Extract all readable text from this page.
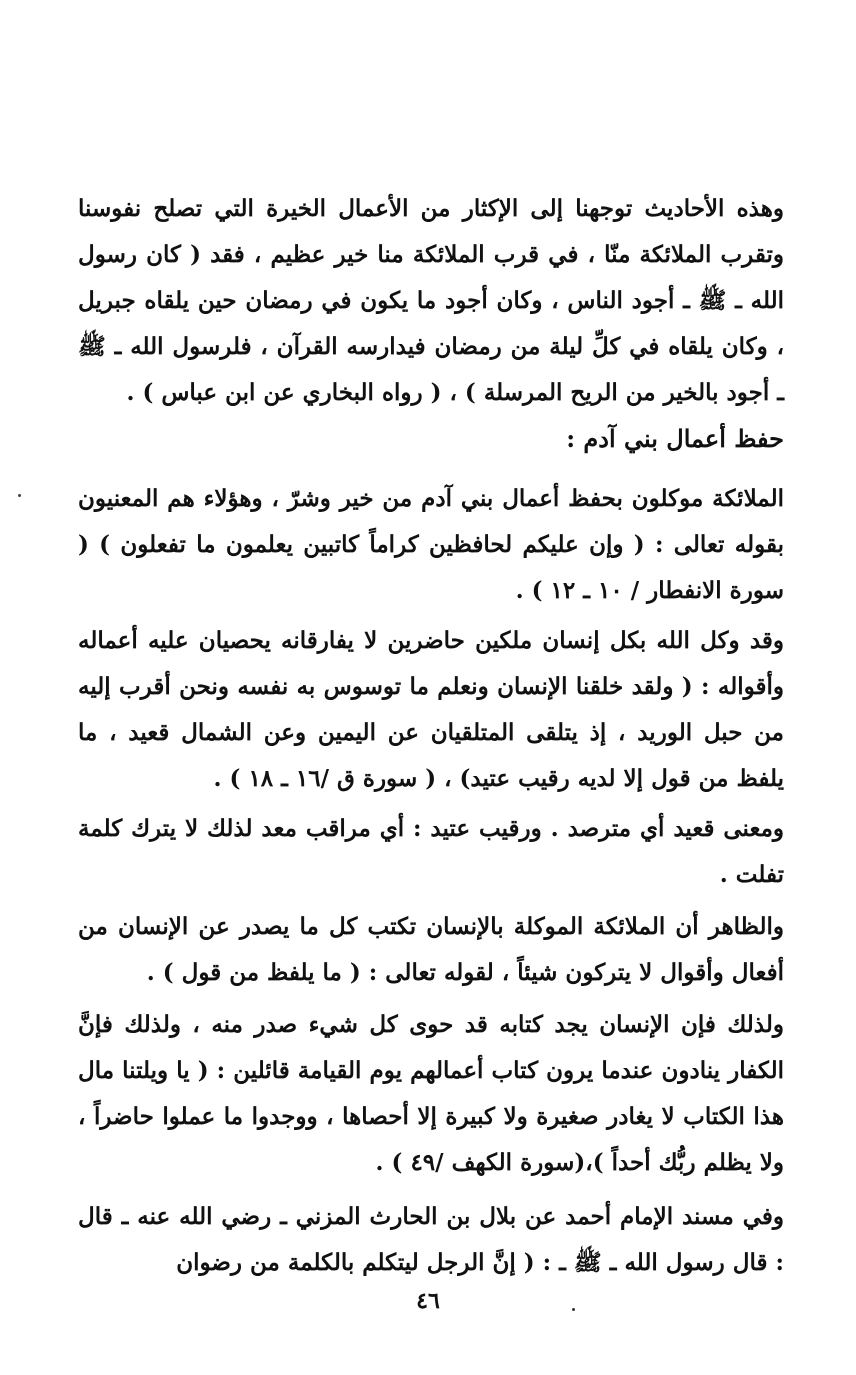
وهذه الأحاديث توجهنا إلى الإكثار من الأعمال الخيرة التي تصلح نفوسنا وتقرب الملائكة منّا ، في قرب الملائكة منا خير عظيم ، فقد ( كان رسول الله ـ ﷺ ـ أجود الناس ، وكان أجود ما يكون في رمضان حين يلقاه جبريل ، وكان يلقاه في كلِّ ليلة من رمضان فيدارسه القرآن ، فلرسول الله ـ ﷺ ـ أجود بالخير من الريح المرسلة ) ، ( رواه البخاري عن ابن عباس ) .

حفظ أعمال بني آدم :

الملائكة موكلون بحفظ أعمال بني آدم من خير وشرّ ، وهؤلاء هم المعنيون بقوله تعالى : ( وإن عليكم لحافظين كراماً كاتبين يعلمون ما تفعلون ) ( سورة الانفطار / ١٠ ـ ١٢ ) .

وقد وكل الله بكل إنسان ملكين حاضرين لا يفارقانه يحصيان عليه أعماله وأقواله : ( ولقد خلقنا الإنسان ونعلم ما توسوس به نفسه ونحن أقرب إليه من حبل الوريد ، إذ يتلقى المتلقيان عن اليمين وعن الشمال قعيد ، ما يلفظ من قول إلا لديه رقيب عتيد) ، ( سورة ق /١٦ ـ ١٨ ) .

ومعنى قعيد أي مترصد . ورقيب عتيد : أي مراقب معد لذلك لا يترك كلمة تفلت .

والظاهر أن الملائكة الموكلة بالإنسان تكتب كل ما يصدر عن الإنسان من أفعال وأقوال لا يتركون شيئاً ، لقوله تعالى : ( ما يلفظ من قول ) .

ولذلك فإن الإنسان يجد كتابه قد حوى كل شيء صدر منه ، ولذلك فإنَّ الكفار ينادون عندما يرون كتاب أعمالهم يوم القيامة قائلين : ( يا ويلتنا مال هذا الكتاب لا يغادر صغيرة ولا كبيرة إلا أحصاها ، ووجدوا ما عملوا حاضراً ، ولا يظلم ربُّك أحداً )،(سورة الكهف /٤٩ ) .

وفي مسند الإمام أحمد عن بلال بن الحارث المزني ـ رضي الله عنه ـ قال : قال رسول الله ـ ﷺ ـ : ( إنَّ الرجل ليتكلم بالكلمة من رضوان

٤٦
